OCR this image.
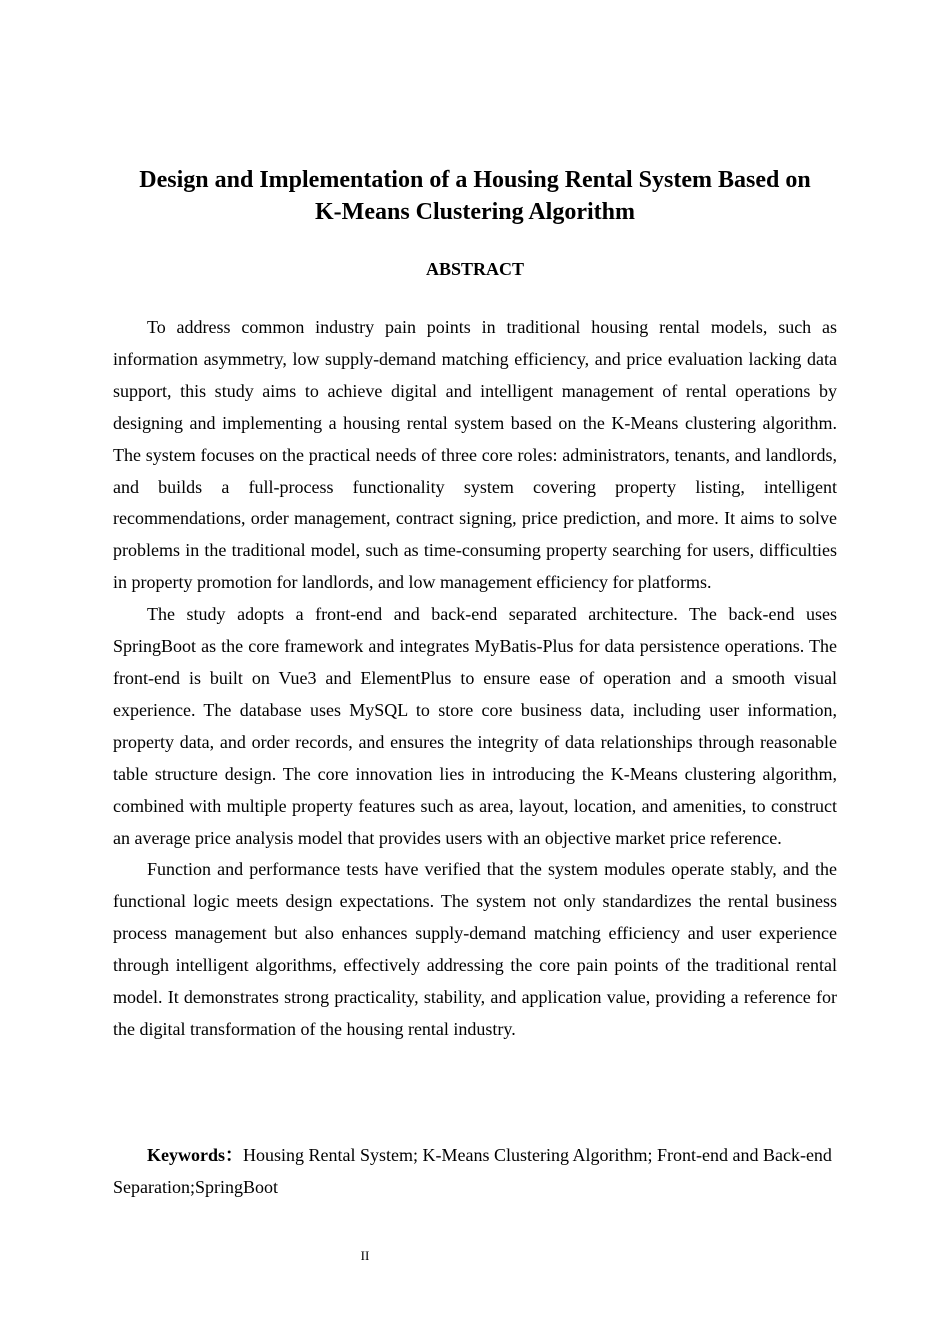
Design and Implementation of a Housing Rental System Based on
K-Means Clustering Algorithm
ABSTRACT

To address common industry pain points in traditional housing rental models, such as information asymmetry, low supply-demand matching efficiency, and price evaluation lacking data support, this study aims to achieve digital and intelligent management of rental operations by designing and implementing a housing rental system based on the K-Means clustering algorithm. The system focuses on the practical needs of three core roles: administrators, tenants, and landlords, and builds a full-process functionality system covering property listing, intelligent recommendations, order management, contract signing, price prediction, and more. It aims to solve problems in the traditional model, such as time-consuming property searching for users, difficulties in property promotion for landlords, and low management efficiency for platforms.

The study adopts a front-end and back-end separated architecture. The back-end uses SpringBoot as the core framework and integrates MyBatis-Plus for data persistence operations. The front-end is built on Vue3 and ElementPlus to ensure ease of operation and a smooth visual experience. The database uses MySQL to store core business data, including user information, property data, and order records, and ensures the integrity of data relationships through reasonable table structure design. The core innovation lies in introducing the K-Means clustering algorithm, combined with multiple property features such as area, layout, location, and amenities, to construct an average price analysis model that provides users with an objective market price reference.

Function and performance tests have verified that the system modules operate stably, and the functional logic meets design expectations. The system not only standardizes the rental business process management but also enhances supply-demand matching efficiency and user experience through intelligent algorithms, effectively addressing the core pain points of the traditional rental model. It demonstrates strong practicality, stability, and application value, providing a reference for the digital transformation of the housing rental industry.

Keywords：Housing Rental System; K-Means Clustering Algorithm; Front-end and Back-end Separation;SpringBoot

II
